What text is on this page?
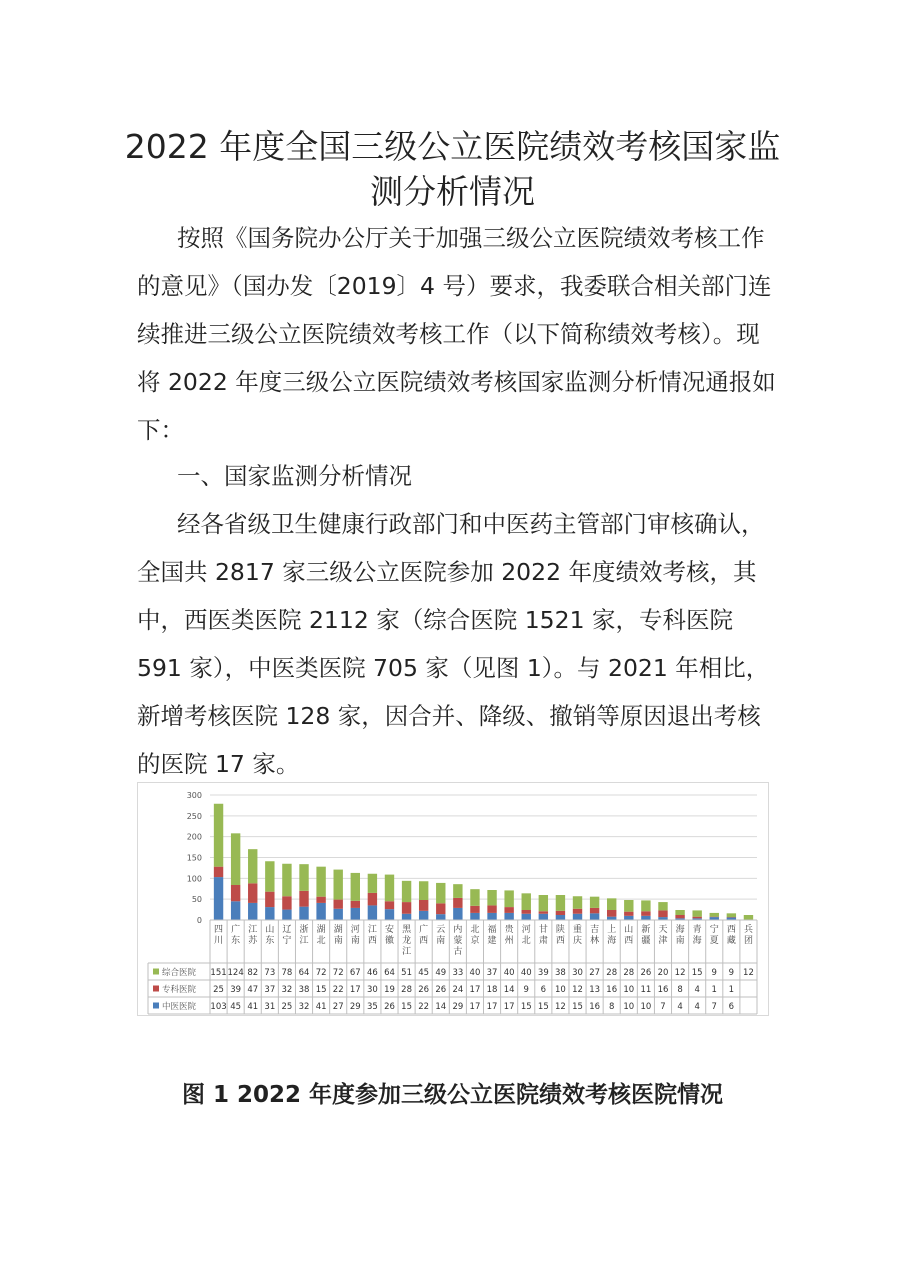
2022 年度全国三级公立医院绩效考核国家监测分析情况

按照《国务院办公厅关于加强三级公立医院绩效考核工作的意见》（国办发〔2019〕4 号）要求，我委联合相关部门连续推进三级公立医院绩效考核工作（以下简称绩效考核）。现将 2022 年度三级公立医院绩效考核国家监测分析情况通报如下：

一、国家监测分析情况

经各省级卫生健康行政部门和中医药主管部门审核确认，全国共 2817 家三级公立医院参加 2022 年度绩效考核，其中，西医类医院 2112 家（综合医院 1521 家，专科医院 591 家），中医类医院 705 家（见图 1）。与 2021 年相比，新增考核医院 128 家，因合并、降级、撤销等原因退出考核的医院 17 家。

0
50
100
150
200
250
300
四川
广东
江苏
山东
辽宁
浙江
湖北
湖南
河南
江西
安徽
黑龙江
广西
云南
内蒙古
北京
福建
贵州
河北
甘肃
陕西
重庆
吉林
上海
山西
新疆
天津
海南
青海
宁夏
西藏
兵团
综合医院 151 124 82 73 78 64 72 72 67 46 64 51 45 49 33 40 37 40 40 39 38 30 27 28 28 26 20 12 15 9 9 12
专科医院 25 39 47 37 32 38 15 22 17 30 19 28 26 26 24 17 18 14 9 6 10 12 13 16 10 11 16 8 4 1 1
中医医院 103 45 41 31 25 32 41 27 29 35 26 15 22 14 29 17 17 17 15 15 12 15 16 8 10 10 7 4 4 7 6

图 1 2022 年度参加三级公立医院绩效考核医院情况
